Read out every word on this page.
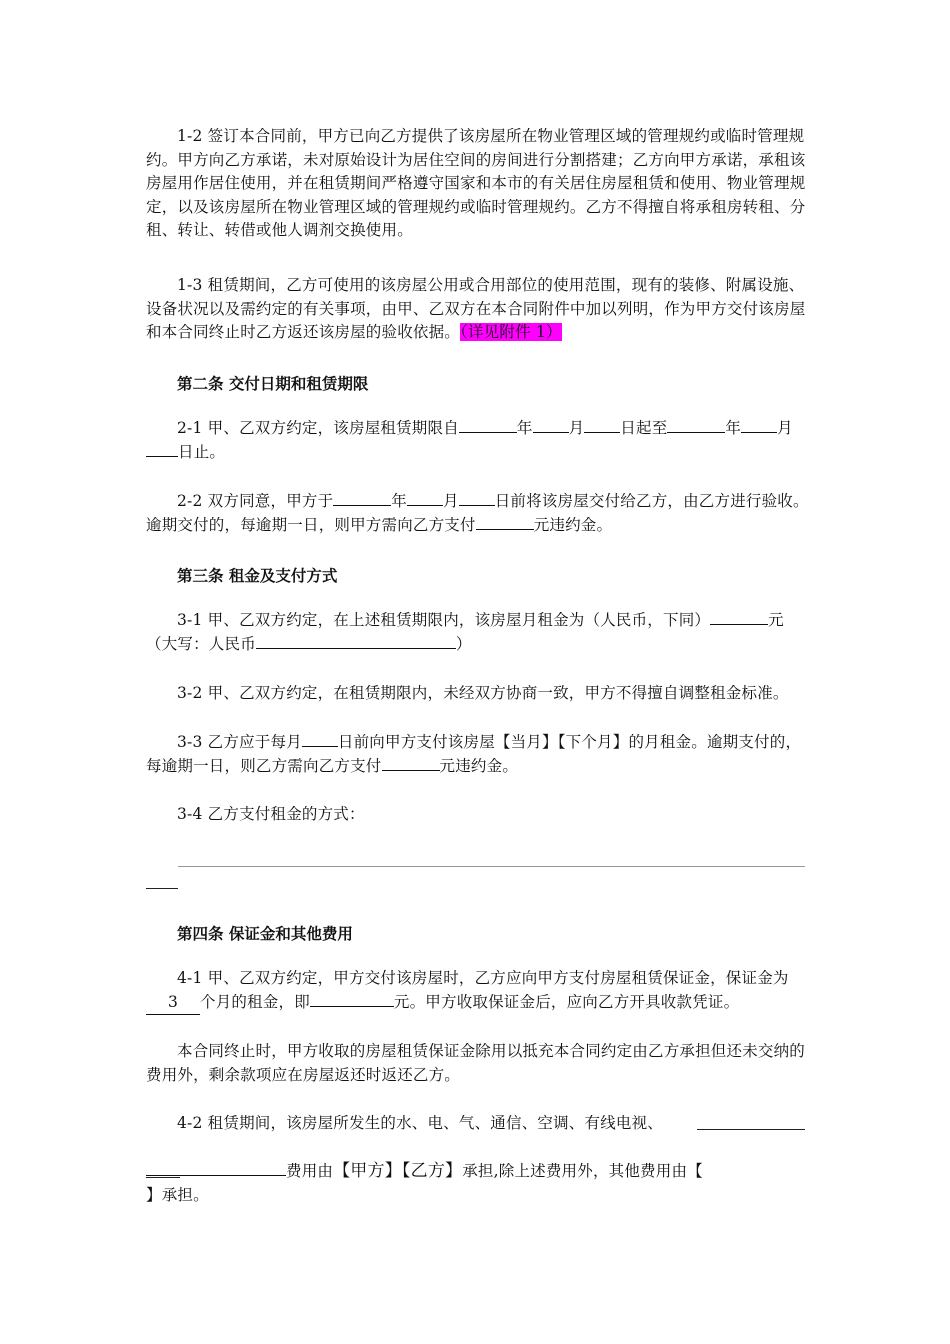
1-2 签订本合同前，甲方已向乙方提供了该房屋所在物业管理区域的管理规约或临时管理规约。甲方向乙方承诺，未对原始设计为居住空间的房间进行分割搭建；乙方向甲方承诺，承租该房屋用作居住使用，并在租赁期间严格遵守国家和本市的有关居住房屋租赁和使用、物业管理规定，以及该房屋所在物业管理区域的管理规约或临时管理规约。乙方不得擅自将承租房转租、分租、转让、转借或他人调剂交换使用。

1-3 租赁期间，乙方可使用的该房屋公用或合用部位的使用范围，现有的装修、附属设施、设备状况以及需约定的有关事项，由甲、乙双方在本合同附件中加以列明，作为甲方交付该房屋和本合同终止时乙方返还该房屋的验收依据。（详见附件 1）

第二条 交付日期和租赁期限

2-1 甲、乙双方约定，该房屋租赁期限自	年 月 日起至	年 月
日止。

2-2 双方同意，甲方于	年 月 日前将该房屋交付给乙方，由乙方进行验收。逾期交付的，每逾期一日，则甲方需向乙方支付	元违约金。

第三条 租金及支付方式

3-1 甲、乙双方约定，在上述租赁期限内，该房屋月租金为（人民币，下同）	元
（大写：人民币	）

3-2 甲、乙双方约定，在租赁期限内，未经双方协商一致，甲方不得擅自调整租金标准。

3-3 乙方应于每月 日前向甲方支付该房屋【当月】【下个月】的月租金。逾期支付的，每逾期一日，则乙方需向乙方支付	元违约金。

3-4 乙方支付租金的方式：

第四条 保证金和其他费用

4-1 甲、乙双方约定，甲方交付该房屋时，乙方应向甲方支付房屋租赁保证金，保证金为
3 个月的租金，即	元。甲方收取保证金后，应向乙方开具收款凭证。

本合同终止时，甲方收取的房屋租赁保证金除用以抵充本合同约定由乙方承担但还未交纳的费用外，剩余款项应在房屋返还时返还乙方。

4-2 租赁期间，该房屋所发生的水、电、气、通信、空调、有线电视、

费用由【甲方】【乙方】承担,除上述费用外，其他费用由【
】承担。
